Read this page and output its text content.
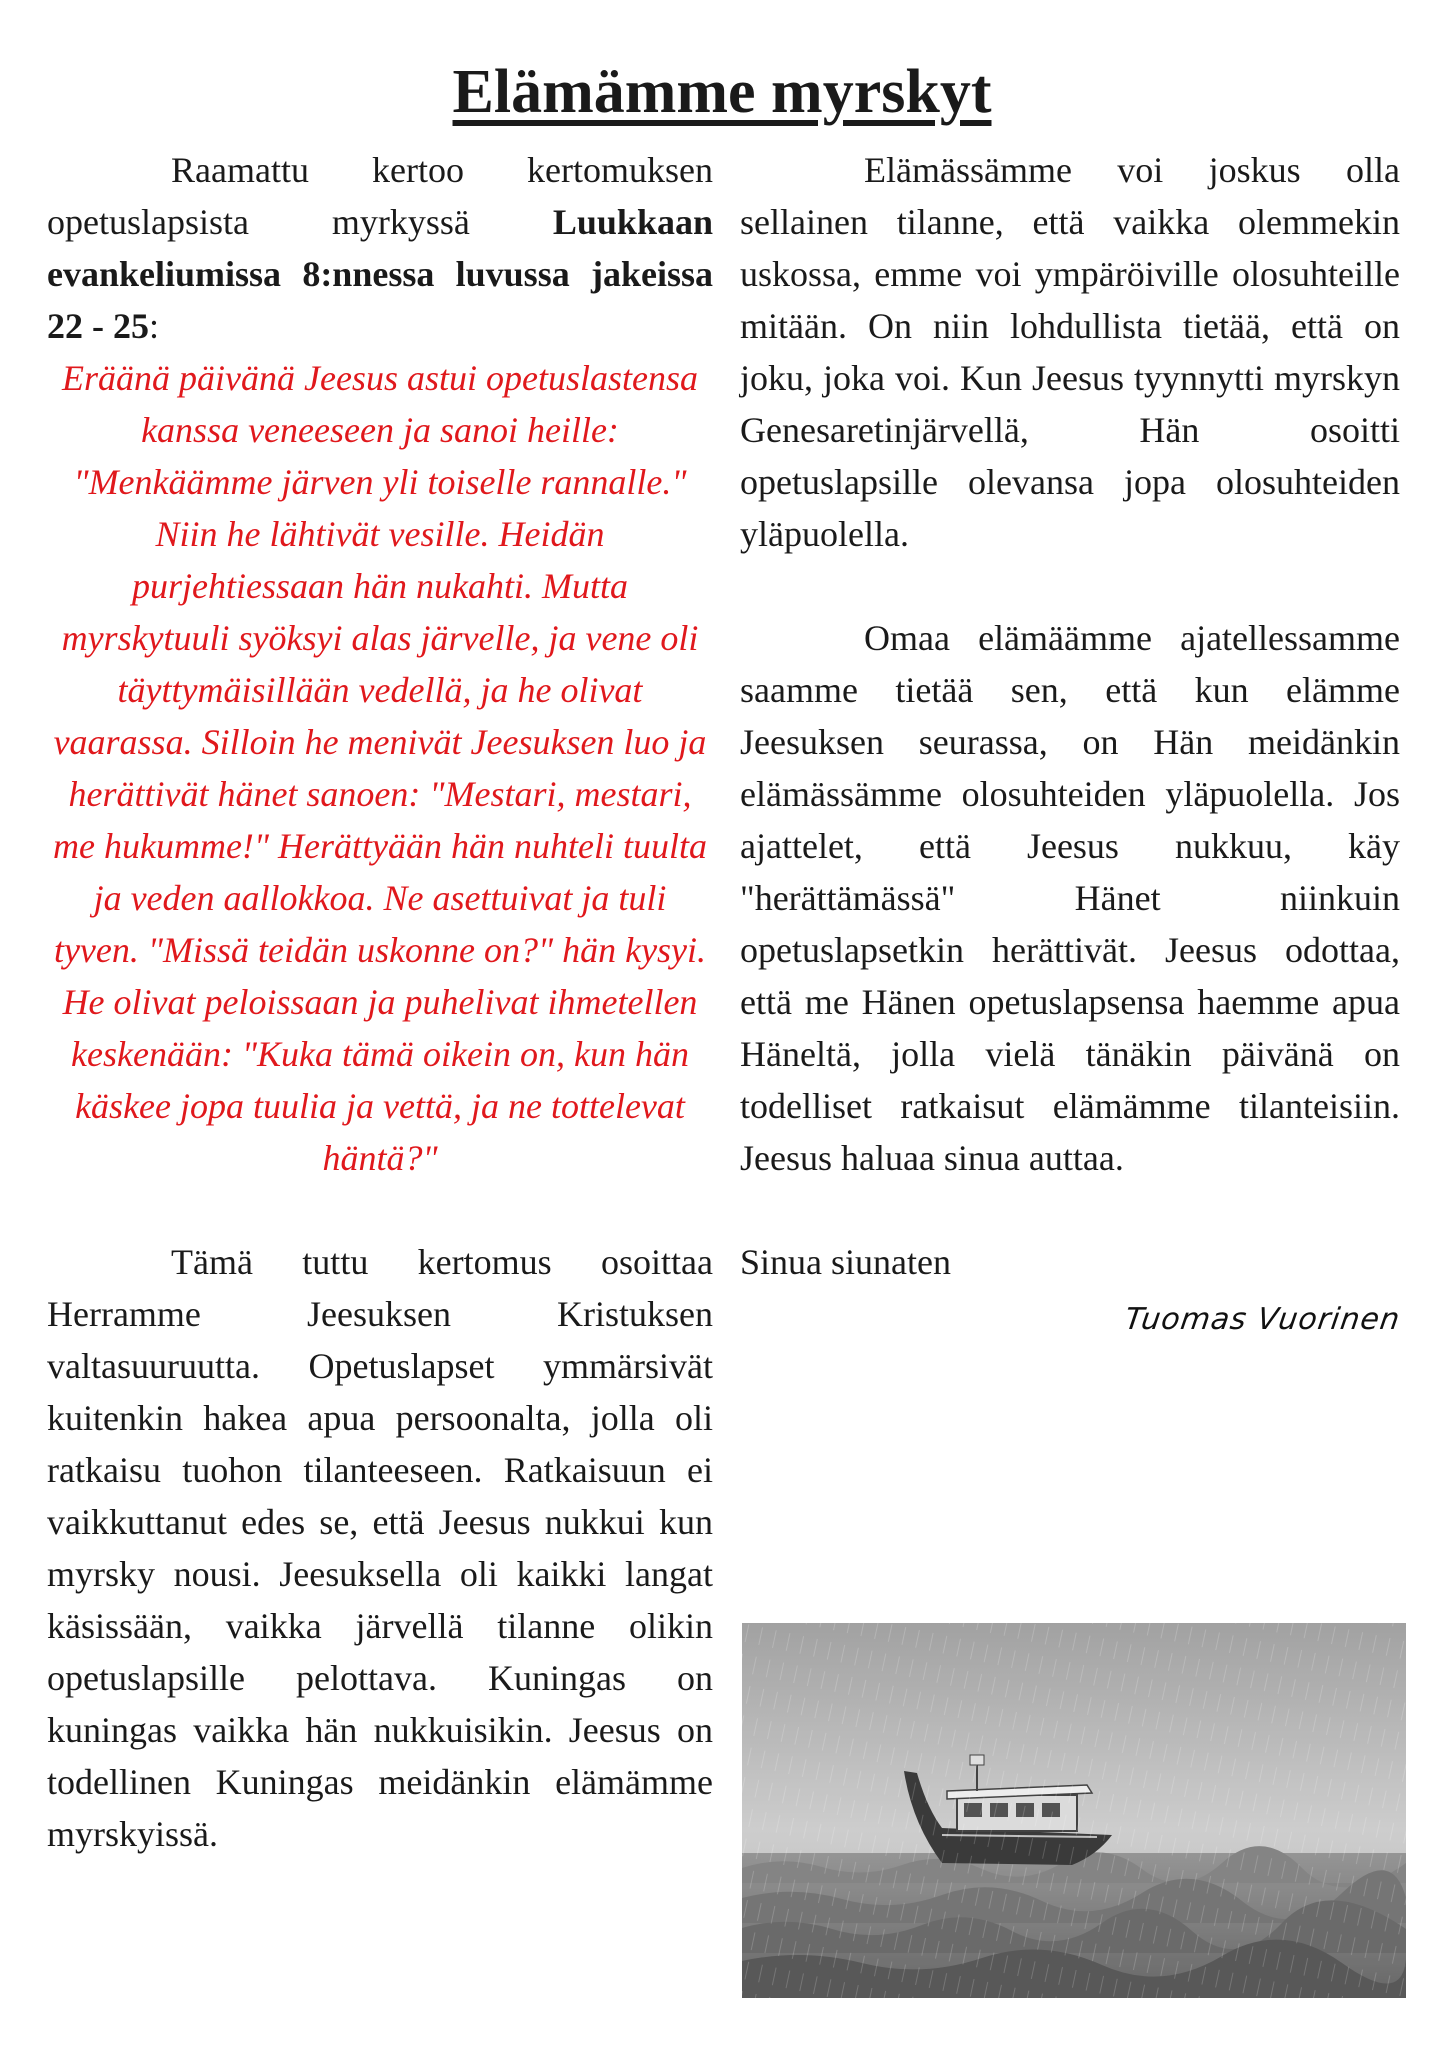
Elämämme myrskyt

Raamattu kertoo kertomuksen opetuslapsista myrkyssä Luukkaan evankeliumissa 8:nnessa luvussa jakeissa 22 - 25:

Eräänä päivänä Jeesus astui opetuslastensa kanssa veneeseen ja sanoi heille: "Menkäämme järven yli toiselle rannalle." Niin he lähtivät vesille. Heidän purjehtiessaan hän nukahti. Mutta myrskytuuli syöksyi alas järvelle, ja vene oli täyttymäisillään vedellä, ja he olivat vaarassa. Silloin he menivät Jeesuksen luo ja herättivät hänet sanoen: "Mestari, mestari, me hukumme!" Herättyään hän nuhteli tuulta ja veden aallokkoa. Ne asettuivat ja tuli tyven. "Missä teidän uskonne on?" hän kysyi. He olivat peloissaan ja puhelivat ihmetellen keskenään: "Kuka tämä oikein on, kun hän käskee jopa tuulia ja vettä, ja ne tottelevat häntä?"

Tämä tuttu kertomus osoittaa Herramme Jeesuksen Kristuksen valtasuuruutta. Opetuslapset ymmärsivät kuitenkin hakea apua persoonalta, jolla oli ratkaisu tuohon tilanteeseen. Ratkaisuun ei vaikkuttanut edes se, että Jeesus nukkui kun myrsky nousi. Jeesuksella oli kaikki langat käsissään, vaikka järvellä tilanne olikin opetuslapsille pelottava. Kuningas on kuningas vaikka hän nukkuisikin. Jeesus on todellinen Kuningas meidänkin elämämme myrskyissä.

Elämässämme voi joskus olla sellainen tilanne, että vaikka olemmekin uskossa, emme voi ympäröiville olosuhteille mitään. On niin lohdullista tietää, että on joku, joka voi. Kun Jeesus tyynnytti myrskyn Genesaretinjärvellä, Hän osoitti opetuslapsille olevansa jopa olosuhteiden yläpuolella.

Omaa elämäämme ajatellessamme saamme tietää sen, että kun elämme Jeesuksen seurassa, on Hän meidänkin elämässämme olosuhteiden yläpuolella. Jos ajattelet, että Jeesus nukkuu, käy "herättämässä" Hänet niinkuin opetuslapsetkin herättivät. Jeesus odottaa, että me Hänen opetuslapsensa haemme apua Häneltä, jolla vielä tänäkin päivänä on todelliset ratkaisut elämämme tilanteisiin. Jeesus haluaa sinua auttaa.

Sinua siunaten

Tuomas Vuorinen
